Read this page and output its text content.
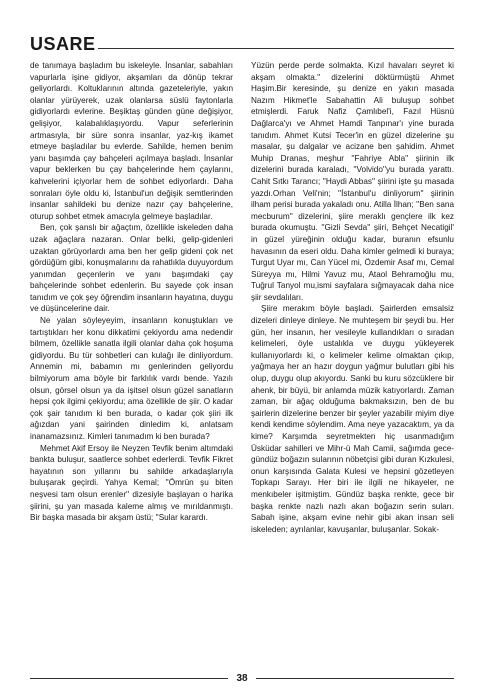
USARE

de tanımaya başladım bu iskeleyle. İnsanlar, sabahları vapurlarla işine gidiyor, akşamları da dönüp tekrar geliyorlardı. Koltuklarının altında gazeteleriyle, yakın olanlar yürüyerek, uzak olanlarsa süslü faytonlarla gidiyorlardı evlerine. Beşiktaş günden güne değişiyor, gelişiyor, kalabalıklaşıyordu. Vapur seferlerinin artmasıyla, bir süre sonra insanlar, yaz-kış ikamet etmeye başladılar bu evlerde. Sahilde, hemen benim yanı başımda çay bahçeleri açılmaya başladı. İnsanlar vapur beklerken bu çay bahçelerinde hem çaylarını, kahvelerini içiyorlar hem de sohbet ediyorlardı. Daha sonraları öyle oldu ki, İstanbul'un değişik semtlerinden insanlar sahildeki bu denize nazır çay bahçelerine, oturup sohbet etmek amacıyla gelmeye başladılar.

Ben, çok şanslı bir ağaçtım, özellikle iskeleden daha uzak ağaçlara nazaran. Onlar belki, gelip-gidenleri uzaktan görüyorlardı ama ben her gelip gideni çok net gördüğüm gibi, konuşmalarını da rahatlıkla duyuyordum yanımdan geçenlerin ve yanı başımdaki çay bahçelerinde sohbet edenlerin. Bu sayede çok insan tanıdım ve çok şey öğrendim insanların hayatına, duygu ve düşüncelerine dair.

Ne yalan söyleyeyim, insanların konuştukları ve tartıştıkları her konu dikkatimi çekiyordu ama nedendir bilmem, özellikle sanatla ilgili olanlar daha çok hoşuma gidiyordu. Bu tür sohbetleri can kulağı ile dinliyordum. Annemin mi, babamın mı genlerinden geliyordu bilmiyorum ama böyle bir farklılık vardı bende. Yazılı olsun, görsel olsun ya da işitsel olsun güzel sanatların hepsi çok ilgimi çekiyordu; ama özellikle de şiir. O kadar çok şair tanıdım ki ben burada, o kadar çok şiiri ilk ağızdan yani şairinden dinledim ki, anlatsam inanamazsınız. Kimleri tanımadım ki ben burada?

Mehmet Akif Ersoy ile Neyzen Tevfik benim altımdaki bankta buluşur, saatlerce sohbet ederlerdi. Tevfik Fikret hayatının son yıllarını bu sahilde arkadaşlarıyla buluşarak geçirdi. Yahya Kemal; ''Ömrün şu biten neşvesi tam olsun erenler'' dizesiyle başlayan o harika şiirini, şu yan masada kaleme almış ve mırıldanmıştı. Bir başka masada bir akşam üstü; ''Sular karardı.

Yüzün perde perde solmakta. Kızıl havaları seyret ki akşam olmakta.'' dizelerini döktürmüştü Ahmet Haşim.Bir keresinde, şu denize en yakın masada Nazım Hikmet'le Sabahattin Ali buluşup sohbet etmişlerdi. Faruk Nafiz Çamlıbel'i, Fazıl Hüsnü Dağlarca'yı ve Ahmet Hamdi Tanpınar'ı yine burada tanıdım. Ahmet Kutsi Tecer'in en güzel dizelerine şu masalar, şu dalgalar ve acizane ben şahidim. Ahmet Muhip Dranas, meşhur ''Fahriye Abla'' şiirinin ilk dizelerini burada karaladı, ''Volvido''yu burada yarattı. Cahit Sıtkı Tarancı; ''Haydi Abbas'' şiirini işte şu masada yazdı.Orhan Veli'nin; ''İstanbul'u dinliyorum'' şiirinin ilham perisi burada yakaladı onu. Atilla İlhan; ''Ben sana mecburum'' dizelerini, şiire meraklı gençlere ilk kez burada okumuştu. ''Gizli Sevda'' şiiri, Behçet Necatigil' in güzel yüreğinin olduğu kadar, buranın efsunlu havasının da eseri oldu. Daha kimler gelmedi ki buraya; Turgut Uyar mı, Can Yücel mi, Özdemir Asaf mı, Cemal Süreyya mı, Hilmi Yavuz mu, Ataol Behramoğlu mu, Tuğrul Tanyol mu,ismi sayfalara sığmayacak daha nice şiir sevdalıları.

Şiire merakım böyle başladı. Şairlerden emsalsiz dizeleri dinleye dinleye. Ne muhteşem bir şeydi bu. Her gün, her insanın, her vesileyle kullandıkları o sıradan kelimeleri, öyle ustalıkla ve duygu yükleyerek kullanıyorlardı ki, o kelimeler kelime olmaktan çıkıp, yağmaya her an hazır doygun yağmur bulutları gibi his olup, duygu olup akıyordu. Sanki bu kuru sözcüklere bir ahenk, bir büyü, bir anlamda müzik katıyorlardı. Zaman zaman, bir ağaç olduğuma bakmaksızın, ben de bu şairlerin dizelerine benzer bir şeyler yazabilir miyim diye kendi kendime söylendim. Ama neye yazacaktım, ya da kime? Karşımda seyretmekten hiç usanmadığım Üsküdar sahilleri ve Mihr-ü Mah Camii, sağımda gece-gündüz boğazın sularının nöbetçisi gibi duran Kızkulesi, onun karşısında Galata Kulesi ve hepsini gözetleyen Topkapı Sarayı. Her biri ile ilgili ne hikayeler, ne menkıbeler işitmiştim. Gündüz başka renkte, gece bir başka renkte nazlı nazlı akan boğazın serin suları. Sabah işine, akşam evine nehir gibi akan insan seli iskeleden; ayrılanlar, kavuşanlar, buluşanlar. Sokak-

38
